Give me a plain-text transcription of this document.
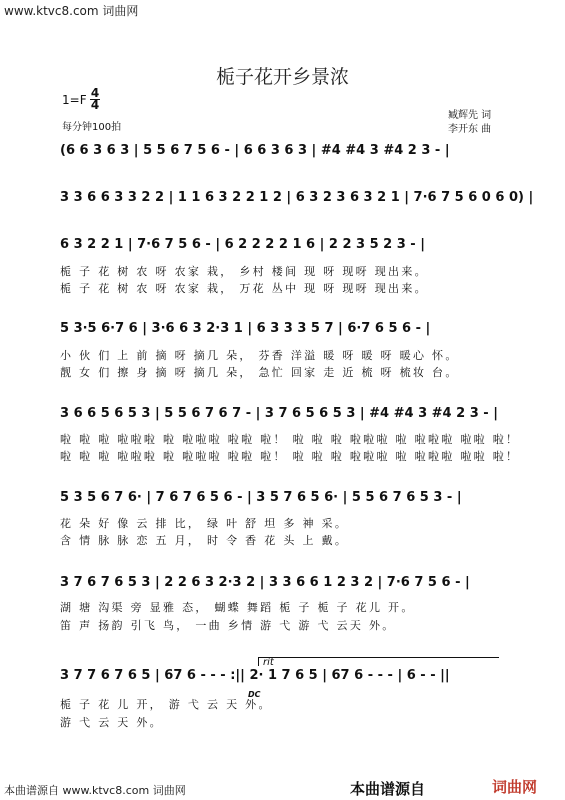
www.ktvc8.com 词曲网
栀子花开乡景浓
1=F 4
4
每分钟100拍
臧辉先 词
李开东 曲
(6 6 3 6 3 | 5 5 6 7 5 6 - | 6 6 3 6 3 | #4 #4 3 #4 2 3 - |
3 3 6 6 3 3 2 2 | 1 1 6 3 2 2 1 2 | 6 3 2 3 6 3 2 1 | 7·6 7 5 6 0 6 0) |
6 3 2 2 1 | 7·6 7 5 6 - | 6 2 2 2 2 1 6 | 2 2 3 5 2 3 - |
栀 子 花 树 农 呀 农家 栽， 乡村 楼间 现 呀 现呀 现出来。
栀 子 花 树 农 呀 农家 栽， 万花 丛中 现 呀 现呀 现出来。
5 3·5 6·7 6 | 3·6 6 3 2·3 1 | 6 3 3 3 5 7 | 6·7 6 5 6 - |
小 伙 们 上 前 摘 呀 摘几 朵， 芬香 洋溢 暖 呀 暖 呀 暖心 怀。
靓 女 们 擦 身 摘 呀 摘几 朵， 急忙 回家 走 近 梳 呀 梳妆 台。
3 6 6 5 6 5 3 | 5 5 6 7 6 7 - | 3 7 6 5 6 5 3 | #4 #4 3 #4 2 3 - |
啦 啦 啦 啦啦啦 啦 啦啦啦 啦啦 啦！ 啦 啦 啦 啦啦啦 啦 啦啦啦 啦啦 啦！
啦 啦 啦 啦啦啦 啦 啦啦啦 啦啦 啦！ 啦 啦 啦 啦啦啦 啦 啦啦啦 啦啦 啦！
5 3 5 6 7 6· | 7 6 7 6 5 6 - | 3 5 7 6 5 6· | 5 5 6 7 6 5 3 - |
花 朵 好 像 云 排 比， 绿 叶 舒 坦 多 神 采。
含 情 脉 脉 恋 五 月， 时 令 香 花 头 上 戴。
3 7 6 7 6 5 3 | 2 2 6 3 2·3 2 | 3 3 6 6 1 2 3 2 | 7·6 7 5 6 - |
湖 塘 沟渠 旁 显雅 态， 蝴蝶 舞蹈 栀 子 栀 子 花儿 开。
笛 声 扬韵 引飞 鸟， 一曲 乡情 游 弋 游 弋 云天 外。
rit
DC
3 7 7 6 7 6 5 | 67 6 - - - :|| 2· 1 7 6 5 | 67 6 - - - | 6 - - ||
栀 子 花 儿 开， 游 弋 云 天 外。
游 弋 云 天 外。
本曲谱源自 www.ktvc8.com 词曲网	本曲谱源自	词曲网
